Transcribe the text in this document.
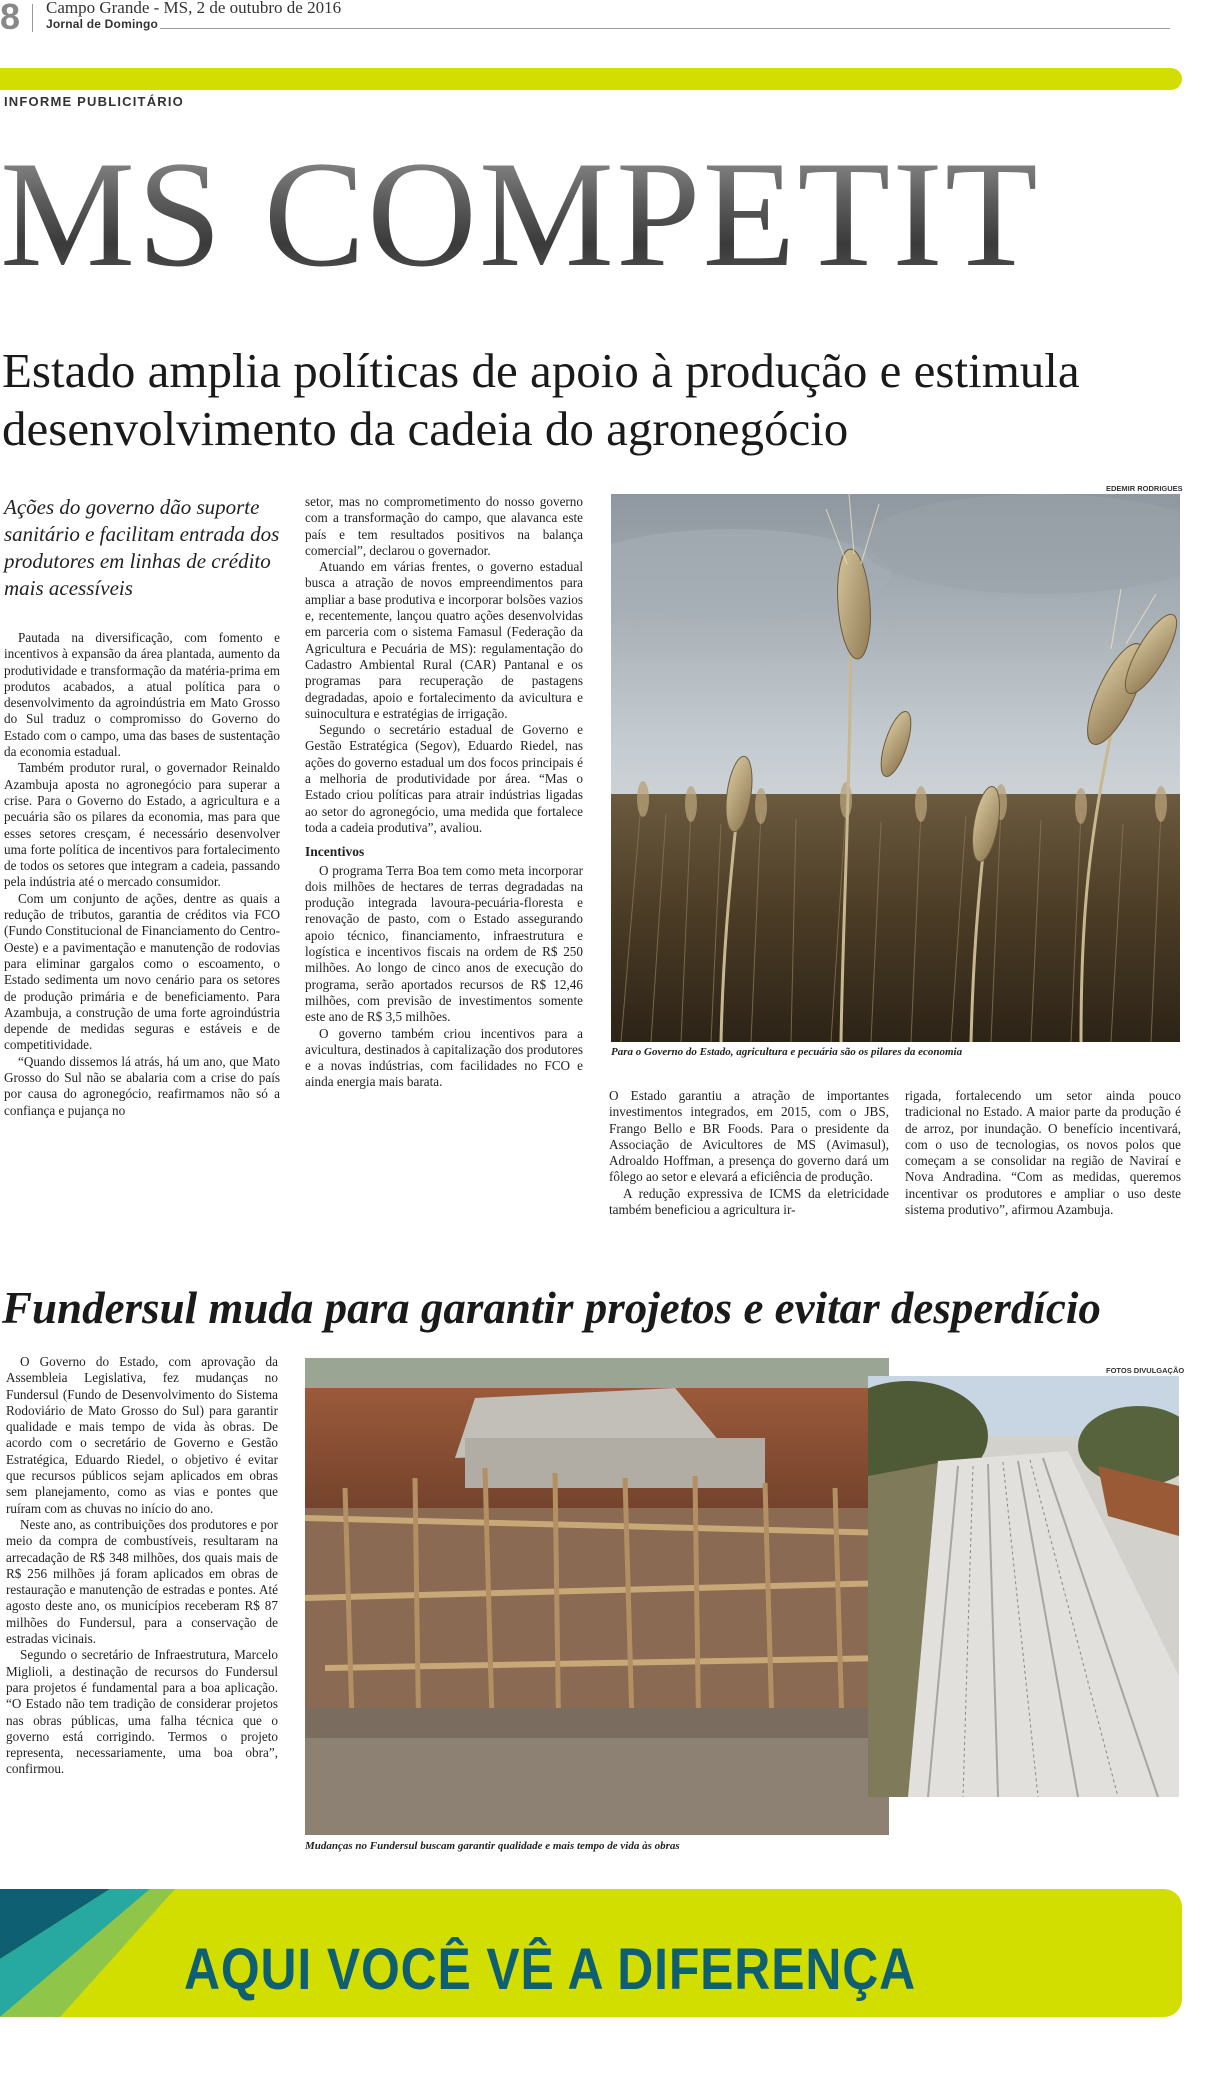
8 Campo Grande - MS, 2 de outubro de 2016
Jornal de Domingo
INFORME PUBLICITÁRIO
MS COMPETIT
Estado amplia políticas de apoio à produção e estimula desenvolvimento da cadeia do agronegócio
Ações do governo dão suporte sanitário e facilitam entrada dos produtores em linhas de crédito mais acessíveis

Pautada na diversificação, com fomento e incentivos à expansão da área plantada, aumento da produtividade e transformação da matéria-prima em produtos acabados, a atual política para o desenvolvimento da agroindústria em Mato Grosso do Sul traduz o compromisso do Governo do Estado com o campo, uma das bases de sustentação da economia estadual.

Também produtor rural, o governador Reinaldo Azambuja aposta no agronegócio para superar a crise. Para o Governo do Estado, a agricultura e a pecuária são os pilares da economia, mas para que esses setores cresçam, é necessário desenvolver uma forte política de incentivos para fortalecimento de todos os setores que integram a cadeia, passando pela indústria até o mercado consumidor.

Com um conjunto de ações, dentre as quais a redução de tributos, garantia de créditos via FCO (Fundo Constitucional de Financiamento do Centro-Oeste) e a pavimentação e manutenção de rodovias para eliminar gargalos como o escoamento, o Estado sedimenta um novo cenário para os setores de produção primária e de beneficiamento. Para Azambuja, a construção de uma forte agroindústria depende de medidas seguras e estáveis e de competitividade.

“Quando dissemos lá atrás, há um ano, que Mato Grosso do Sul não se abalaria com a crise do país por causa do agronegócio, reafirmamos não só a confiança e pujança no

setor, mas no comprometimento do nosso governo com a transformação do campo, que alavanca este país e tem resultados positivos na balança comercial”, declarou o governador.

Atuando em várias frentes, o governo estadual busca a atração de novos empreendimentos para ampliar a base produtiva e incorporar bolsões vazios e, recentemente, lançou quatro ações desenvolvidas em parceria com o sistema Famasul (Federação da Agricultura e Pecuária de MS): regulamentação do Cadastro Ambiental Rural (CAR) Pantanal e os programas para recuperação de pastagens degradadas, apoio e fortalecimento da avicultura e suinocultura e estratégias de irrigação.

Segundo o secretário estadual de Governo e Gestão Estratégica (Segov), Eduardo Riedel, nas ações do governo estadual um dos focos principais é a melhoria de produtividade por área. “Mas o Estado criou políticas para atrair indústrias ligadas ao setor do agronegócio, uma medida que fortalece toda a cadeia produtiva”, avaliou.

Incentivos

O programa Terra Boa tem como meta incorporar dois milhões de hectares de terras degradadas na produção integrada lavoura-pecuária-floresta e renovação de pasto, com o Estado assegurando apoio técnico, financiamento, infraestrutura e logística e incentivos fiscais na ordem de R$ 250 milhões. Ao longo de cinco anos de execução do programa, serão aportados recursos de R$ 12,46 milhões, com previsão de investimentos somente este ano de R$ 3,5 milhões.

O governo também criou incentivos para a avicultura, destinados à capitalização dos produtores e a novas indústrias, com facilidades no FCO e ainda energia mais barata.

EDEMIR RODRIGUES
Para o Governo do Estado, agricultura e pecuária são os pilares da economia

O Estado garantiu a atração de importantes investimentos integrados, em 2015, com o JBS, Frango Bello e BR Foods. Para o presidente da Associação de Avicultores de MS (Avimasul), Adroaldo Hoffman, a presença do governo dará um fôlego ao setor e elevará a eficiência de produção.

A redução expressiva de ICMS da eletricidade também beneficiou a agricultura ir-

rigada, fortalecendo um setor ainda pouco tradicional no Estado. A maior parte da produção é de arroz, por inundação. O benefício incentivará, com o uso de tecnologias, os novos polos que começam a se consolidar na região de Naviraí e Nova Andradina. “Com as medidas, queremos incentivar os produtores e ampliar o uso deste sistema produtivo”, afirmou Azambuja.

Fundersul muda para garantir projetos e evitar desperdício

O Governo do Estado, com aprovação da Assembleia Legislativa, fez mudanças no Fundersul (Fundo de Desenvolvimento do Sistema Rodoviário de Mato Grosso do Sul) para garantir qualidade e mais tempo de vida às obras. De acordo com o secretário de Governo e Gestão Estratégica, Eduardo Riedel, o objetivo é evitar que recursos públicos sejam aplicados em obras sem planejamento, como as vias e pontes que ruíram com as chuvas no início do ano.

Neste ano, as contribuições dos produtores e por meio da compra de combustíveis, resultaram na arrecadação de R$ 348 milhões, dos quais mais de R$ 256 milhões já foram aplicados em obras de restauração e manutenção de estradas e pontes. Até agosto deste ano, os municípios receberam R$ 87 milhões do Fundersul, para a conservação de estradas vicinais.

Segundo o secretário de Infraestrutura, Marcelo Miglioli, a destinação de recursos do Fundersul para projetos é fundamental para a boa aplicação. “O Estado não tem tradição de considerar projetos nas obras públicas, uma falha técnica que o governo está corrigindo. Termos o projeto representa, necessariamente, uma boa obra”, confirmou.

FOTOS DIVULGAÇÃO
Mudanças no Fundersul buscam garantir qualidade e mais tempo de vida às obras
AQUI VOCÊ VÊ A DIFERENÇA
